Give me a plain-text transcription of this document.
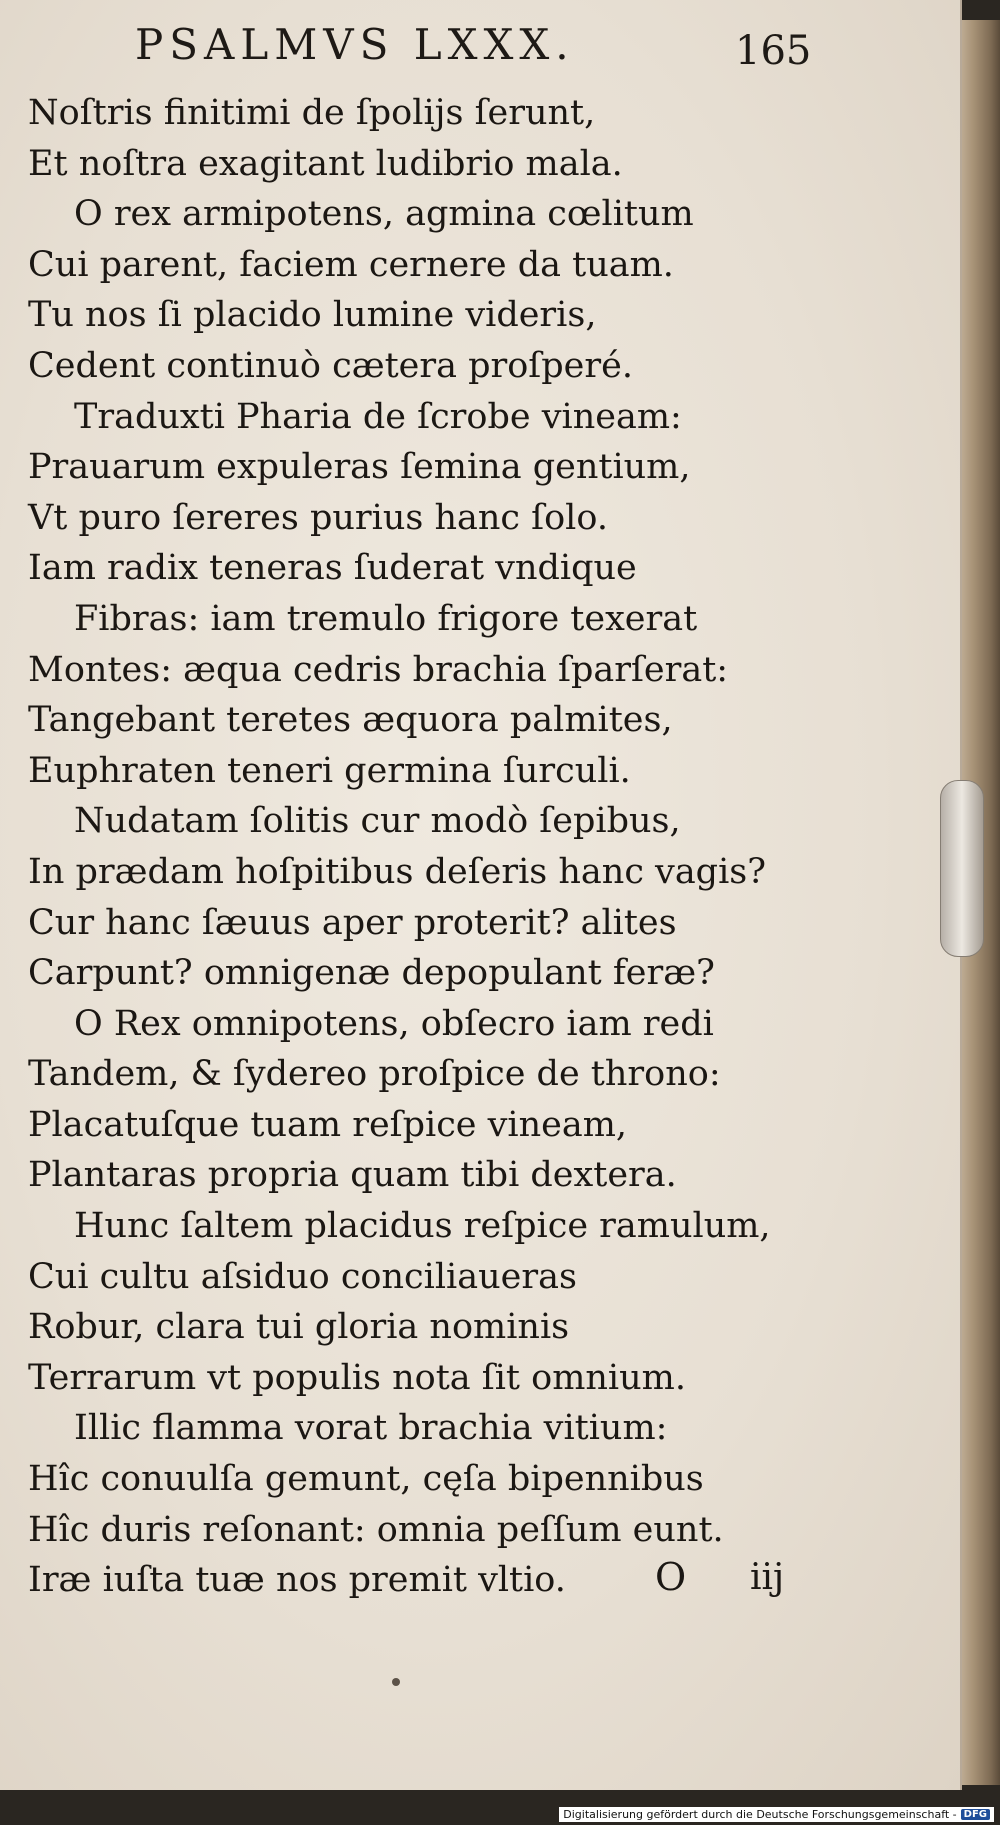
PSALMVS LXXX.	165
Noſtris finitimi de ſpolijs ſerunt,
Et noſtra exagitant ludibrio mala.
O rex armipotens, agmina cœlitum
Cui parent, faciem cernere da tuam.
Tu nos ſi placido lumine videris,
Cedent continuò cætera proſperé.
Traduxti Pharia de ſcrobe vineam:
Prauarum expuleras ſemina gentium,
Vt puro ſereres purius hanc ſolo.
Iam radix teneras ſuderat vndique
Fibras: iam tremulo frigore texerat
Montes: æqua cedris brachia ſparſerat:
Tangebant teretes æquora palmites,
Euphraten teneri germina ſurculi.
Nudatam ſolitis cur modò ſepibus,
In prædam hoſpitibus deſeris hanc vagis?
Cur hanc ſæuus aper proterit? alites
Carpunt? omnigenæ depopulant feræ?
O Rex omnipotens, obſecro iam redi
Tandem, & ſydereo proſpice de throno:
Placatuſque tuam reſpice vineam,
Plantaras propria quam tibi dextera.
Hunc ſaltem placidus reſpice ramulum,
Cui cultu aſsiduo conciliaueras
Robur, clara tui gloria nominis
Terrarum vt populis nota ſit omnium.
Illic flamma vorat brachia vitium:
Hîc conuulſa gemunt, cęſa bipennibus
Hîc duris reſonant: omnia peſſum eunt.
Iræ iuſta tuæ nos premit vltio.	O iij
Digitalisierung gefördert durch die Deutsche Forschungsgemeinschaft - DFG
